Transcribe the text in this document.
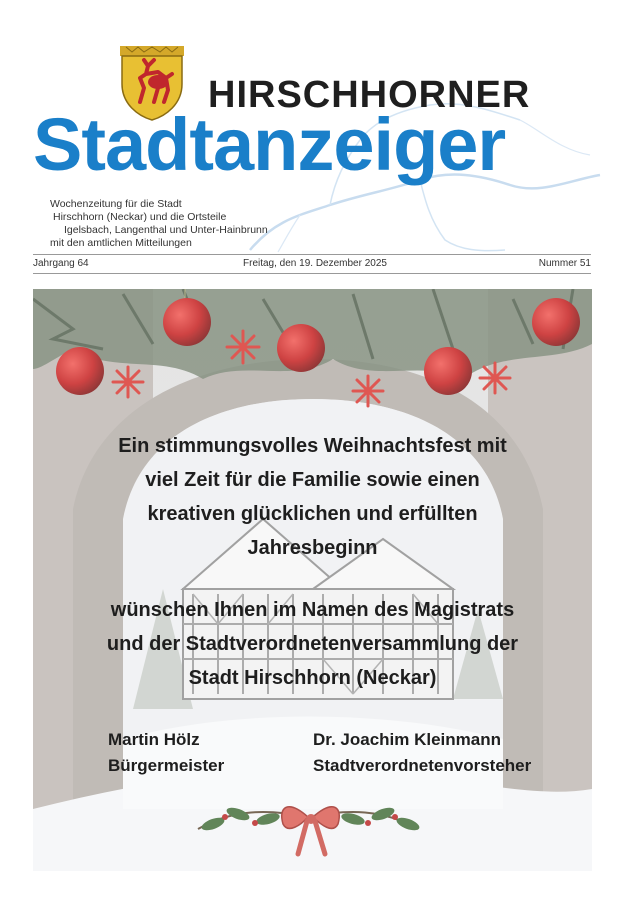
HIRSCHHORNER
Stadtanzeiger
Wochenzeitung für die Stadt
Hirschhorn (Neckar) und die Ortsteile
Igelsbach, Langenthal und Unter-Hainbrunn
mit den amtlichen Mitteilungen
Jahrgang 64	Freitag, den 19. Dezember 2025	Nummer 51
Ein stimmungsvolles Weihnachtsfest mit
viel Zeit für die Familie sowie einen
kreativen glücklichen und erfüllten
Jahresbeginn
wünschen Ihnen im Namen des Magistrats
und der Stadtverordnetenversammlung der
Stadt Hirschhorn (Neckar)
Martin Hölz
Bürgermeister
Dr. Joachim Kleinmann
Stadtverordnetenvorsteher
